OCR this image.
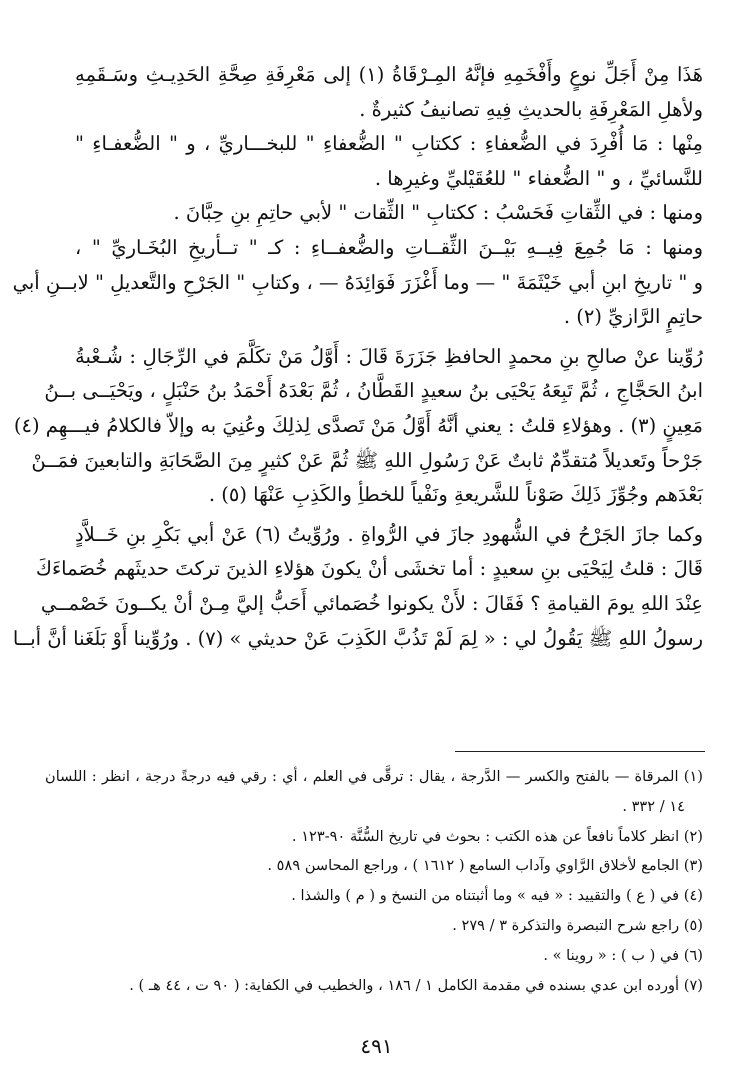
هَذَا مِنْ أَجَلِّ نوعٍ وأَفْخَمِهِ فإنَّهُ المِـرْقَاةُ (١) إلى مَعْرِفَةِ صِحَّةِ الحَدِيـثِ وسَـقَمِهِ
ولأهلِ المَعْرِفَةِ بالحديثِ فِيهِ تصانيفُ كثيرةٌ .
مِنْها : مَا أُفْرِدَ في الضُّعفاءِ : ككتابِ " الضُّعفاءِ " للبخـــاريِّ ، و " الضُّعفـاءِ "
للنَّسائيِّ ، و " الضُّعفاء " للعُقَيْليِّ وغيرِها .
ومنها : في الثِّقاتِ فَحَسْبُ : ككتابِ " الثِّقات " لأبي حاتِمِ بنِ حِبَّانَ .
ومنها : مَا جُمِعَ فِيــهِ بَيْــنَ الثِّقــاتِ والضُّعفــاءِ : كـ " تــأريخِ البُخَـاريِّ " ،
و " تاريخِ ابنِ أبي خَيْثَمَةَ " — وما أَغْزَرَ فَوَائِدَهُ — ، وكتابِ " الجَرْحِ والتَّعديلِ " لابــنِ أبي
حاتِمٍ الرَّازيِّ (٢) .
رُوِّينا عنْ صالحِ بنِ محمدٍ الحافظِ جَزَرَةَ قَالَ : أَوَّلُ مَنْ تكَلَّمَ في الرِّجَالِ : شُـعْبةُ
ابنُ الحَجَّاجِ ، ثُمَّ تَبِعَهُ يَحْيَى بنُ سعيدٍ القَطَّانُ ، ثُمَّ بَعْدَهُ أَحْمَدُ بنُ حَنْبَلٍ ، ويَحْيَــى بــنُ
مَعِينٍ (٣) . وهؤلاءِ قلتُ : يعني أنَّهُ أَوَّلُ مَنْ تَصدَّى لِذلِكَ وعُنِيَ به وإلاّ فالكلامُ فيـــهِم (٤)
جَرْحاً وتَعديلاً مُتقدِّمٌ ثابتٌ عَنْ رَسُولِ اللهِ ﷺ ثُمَّ عَنْ كثيرٍ مِنَ الصَّحَابَةِ والتابعينَ فمَــنْ
بَعْدَهم وجُوِّزَ ذَلِكَ صَوْناً للشَّريعةِ ونَفْياً للخطأِ والكَذِبِ عَنْهَا (٥) .
وكما جازَ الجَرْحُ في الشُّهودِ جازَ في الرُّواةِ . ورُوِّيتُ (٦) عَنْ أبي بَكْرِ بنِ خَــلاَّدٍ
قَالَ : قلتُ لِيَحْيَى بنِ سعيدٍ : أما تخشَى أنْ يكونَ هؤلاءِ الذينَ تركتَ حديثَهم خُصَماءَكَ
عِنْدَ اللهِ يومَ القيامةِ ؟ فَقَالَ : لأَنْ يكونوا خُصَمائي أَحَبُّ إليَّ مِـنْ أنْ يكــونَ خَصْمــي
رسولُ اللهِ ﷺ يَقُولُ لي : « لِمَ لَمْ تَذُبَّ الكَذِبَ عَنْ حديثي » (٧) . ورُوِّينا أَوْ بَلَغَنا أنَّ أبــا
(١) المرقاة — بالفتح والكسر — الدَّرجة ، يقال : ترقَّى في العلم ، أي : رقي فيه درجةً درجة ، انظر : اللسان
١٤ / ٣٣٢ .
(٢) انظر كلاماً نافعاً عن هذه الكتب : بحوث في تاريخ السُّنَّة ٩٠-١٢٣ .
(٣) الجامع لأخلاق الرَّاوي وآداب السامع ( ١٦١٢ ) ، وراجع المحاسن ٥٨٩ .
(٤) في ( ع ) والتقييد : « فيه » وما أثبتناه من النسخ و ( م ) والشذا .
(٥) راجع شرح التبصرة والتذكرة ٣ / ٢٧٩ .
(٦) في ( ب ) : « روينا » .
(٧) أورده ابن عدي بسنده في مقدمة الكامل ١ / ١٨٦ ، والخطيب في الكفاية: ( ٩٠ ت ، ٤٤ هـ ) .
٤٩١
